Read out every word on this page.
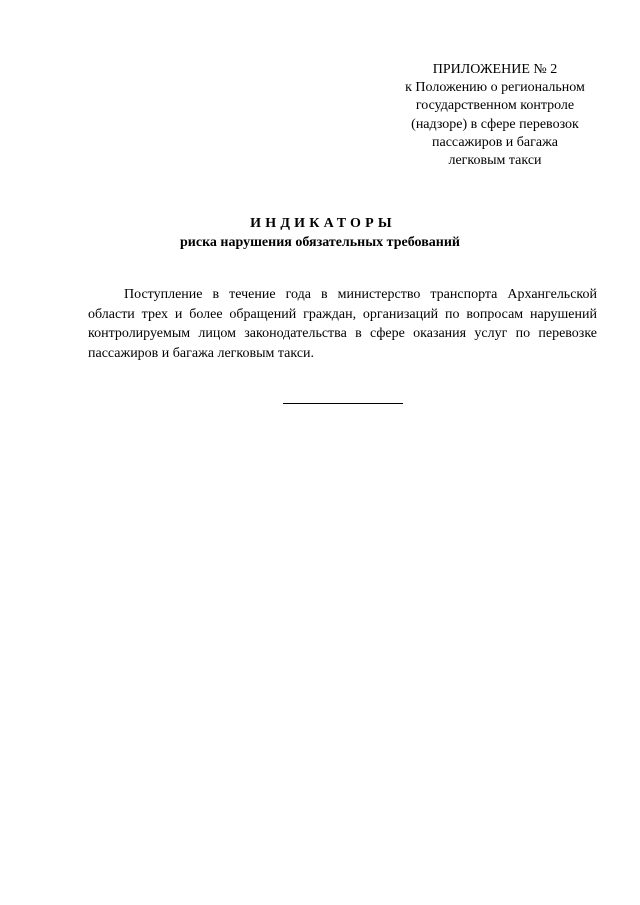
ПРИЛОЖЕНИЕ № 2
к Положению о региональном
государственном контроле
(надзоре) в сфере перевозок
пассажиров и багажа
легковым такси
ИНДИКАТОРЫ
риска нарушения обязательных требований
Поступление в течение года в министерство транспорта Архангельской
области трех и более обращений граждан, организаций по вопросам нарушений
контролируемым лицом законодательства в сфере оказания услуг по перевозке
пассажиров и багажа легковым такси.
